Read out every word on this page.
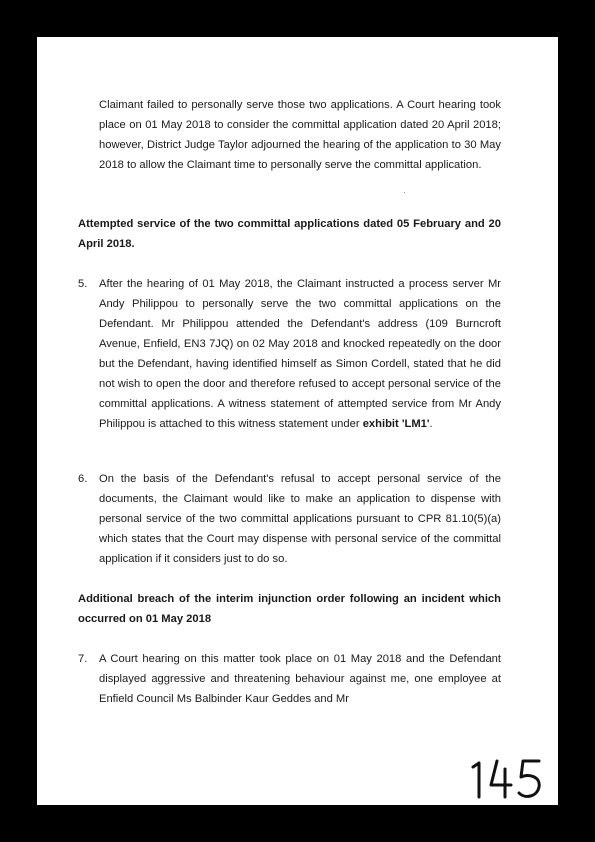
Claimant failed to personally serve those two applications. A Court hearing took place on 01 May 2018 to consider the committal application dated 20 April 2018; however, District Judge Taylor adjourned the hearing of the application to 30 May 2018 to allow the Claimant time to personally serve the committal application.
Attempted service of the two committal applications dated 05 February and 20 April 2018.
5. After the hearing of 01 May 2018, the Claimant instructed a process server Mr Andy Philippou to personally serve the two committal applications on the Defendant. Mr Philippou attended the Defendant's address (109 Burncroft Avenue, Enfield, EN3 7JQ) on 02 May 2018 and knocked repeatedly on the door but the Defendant, having identified himself as Simon Cordell, stated that he did not wish to open the door and therefore refused to accept personal service of the committal applications. A witness statement of attempted service from Mr Andy Philippou is attached to this witness statement under exhibit 'LM1'.
6. On the basis of the Defendant's refusal to accept personal service of the documents, the Claimant would like to make an application to dispense with personal service of the two committal applications pursuant to CPR 81.10(5)(a) which states that the Court may dispense with personal service of the committal application if it considers just to do so.
Additional breach of the interim injunction order following an incident which occurred on 01 May 2018
7. A Court hearing on this matter took place on 01 May 2018 and the Defendant displayed aggressive and threatening behaviour against me, one employee at Enfield Council Ms Balbinder Kaur Geddes and Mr
